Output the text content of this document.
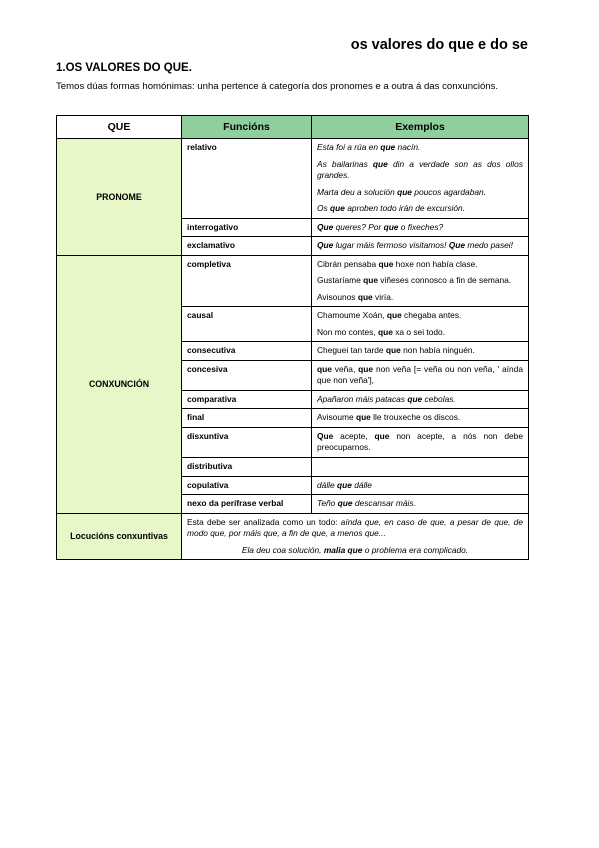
os valores do que e do se
1.OS VALORES DO QUE.

Temos dúas formas homónimas: unha pertence á categoría dos pronomes e a outra á das conxuncións.

QUE	Funcións	Exemplos
PRONOME	relativo	Esta foi a rúa en que nacín.

As bailarinas que din a verdade son as dos ollos grandes.

Marta deu a solución que poucos agardaban.

Os que aproben todo irán de excursión.

	interrogativo	Que queres? Por que o fixeches?

	exclamativo	Que lugar máis fermoso visitamos! Que medo pasei!

CONXUNCIÓN	completiva	Cibrán pensaba que hoxe non había clase.

Gustaríame que viñeses connosco a fin de semana.

Avisounos que viría.

	causal	Chamoume Xoán, que chegaba antes.

Non mo contes, que xa o sei todo.

	consecutiva	Cheguei tan tarde que non había ninguén.

	concesiva	que veña, que non veña [= veña ou non veña, ' aínda que non veña'],

	comparativa	Apañaron máis patacas que cebolas.

	final	Avisoume que lle trouxeche os discos.

	disxuntiva	Que acepte, que non acepte, a nós non debe preocuparnos.

	distributiva	
	copulativa	dálle que dálle

	nexo da perífrase verbal	Teño que descansar máis.

Locucións conxuntivas	Esta debe ser analizada como un todo: aínda que, en caso de que, a pesar de que, de modo que, por máis que, a fin de que, a menos que...

Ela deu coa solución, malia que o problema era complicado.	
